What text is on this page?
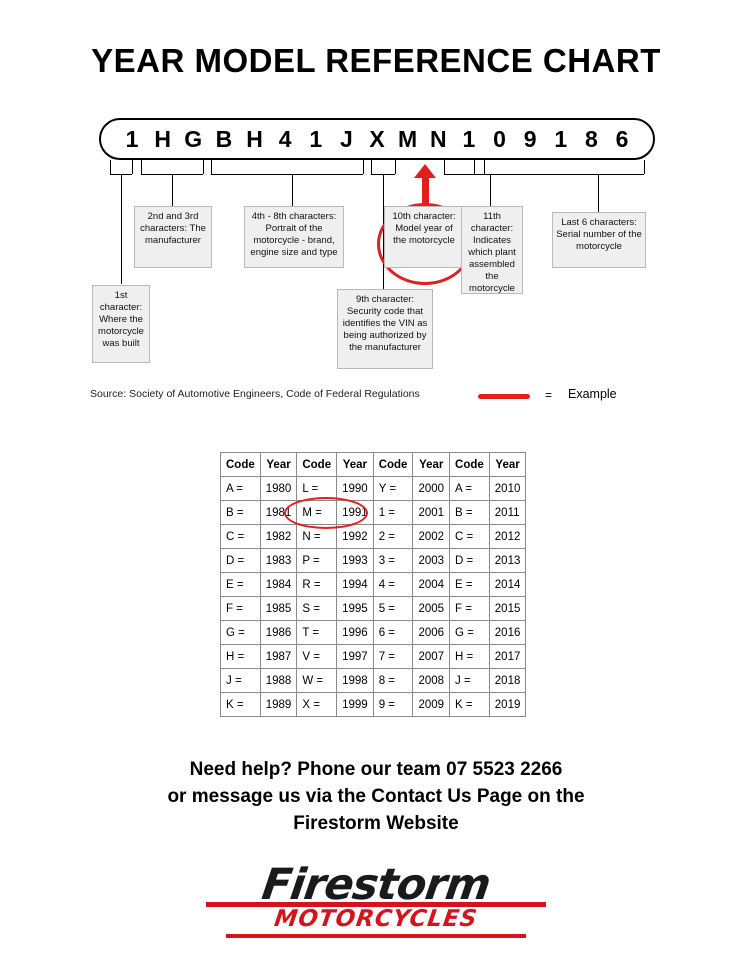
YEAR MODEL REFERENCE CHART
1 H G B H 4 1 J X M N 1 0 9 1 8 6
1st character: Where the motorcycle was built
2nd and 3rd characters: The manufacturer
4th - 8th characters: Portrait of the motorcycle - brand, engine size and type
9th character: Security code that identifies the VIN as being authorized by the manufacturer
10th character: Model year of the motorcycle
11th character: Indicates which plant assembled the motorcycle
Last 6 characters: Serial number of the motorcycle
Source: Society of Automotive Engineers, Code of Federal Regulations	= Example
Code	Year	Code	Year	Code	Year	Code	Year
A =	1980	L =	1990	Y =	2000	A =	2010
B =	1981	M =	1991	1 =	2001	B =	2011
C =	1982	N =	1992	2 =	2002	C =	2012
D =	1983	P =	1993	3 =	2003	D =	2013
E =	1984	R =	1994	4 =	2004	E =	2014
F =	1985	S =	1995	5 =	2005	F =	2015
G =	1986	T =	1996	6 =	2006	G =	2016
H =	1987	V =	1997	7 =	2007	H =	2017
J =	1988	W =	1998	8 =	2008	J =	2018
K =	1989	X =	1999	9 =	2009	K =	2019
Need help? Phone our team 07 5523 2266
or message us via the Contact Us Page on the
Firestorm Website
Firestorm
MOTORCYCLES
